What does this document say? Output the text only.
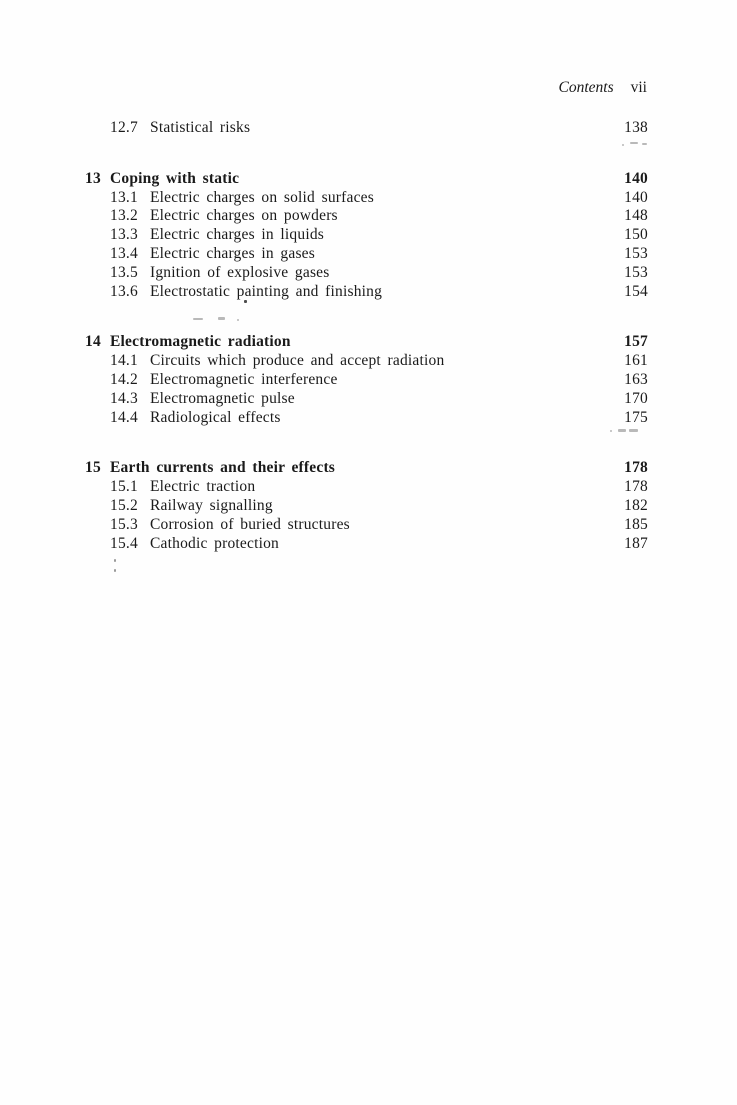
Contents vii
12.7 Statistical risks	138
13 Coping with static	140
13.1 Electric charges on solid surfaces	140
13.2 Electric charges on powders	148
13.3 Electric charges in liquids	150
13.4 Electric charges in gases	153
13.5 Ignition of explosive gases	153
13.6 Electrostatic painting and finishing	154
14 Electromagnetic radiation	157
14.1 Circuits which produce and accept radiation	161
14.2 Electromagnetic interference	163
14.3 Electromagnetic pulse	170
14.4 Radiological effects	175
15 Earth currents and their effects	178
15.1 Electric traction	178
15.2 Railway signalling	182
15.3 Corrosion of buried structures	185
15.4 Cathodic protection	187
